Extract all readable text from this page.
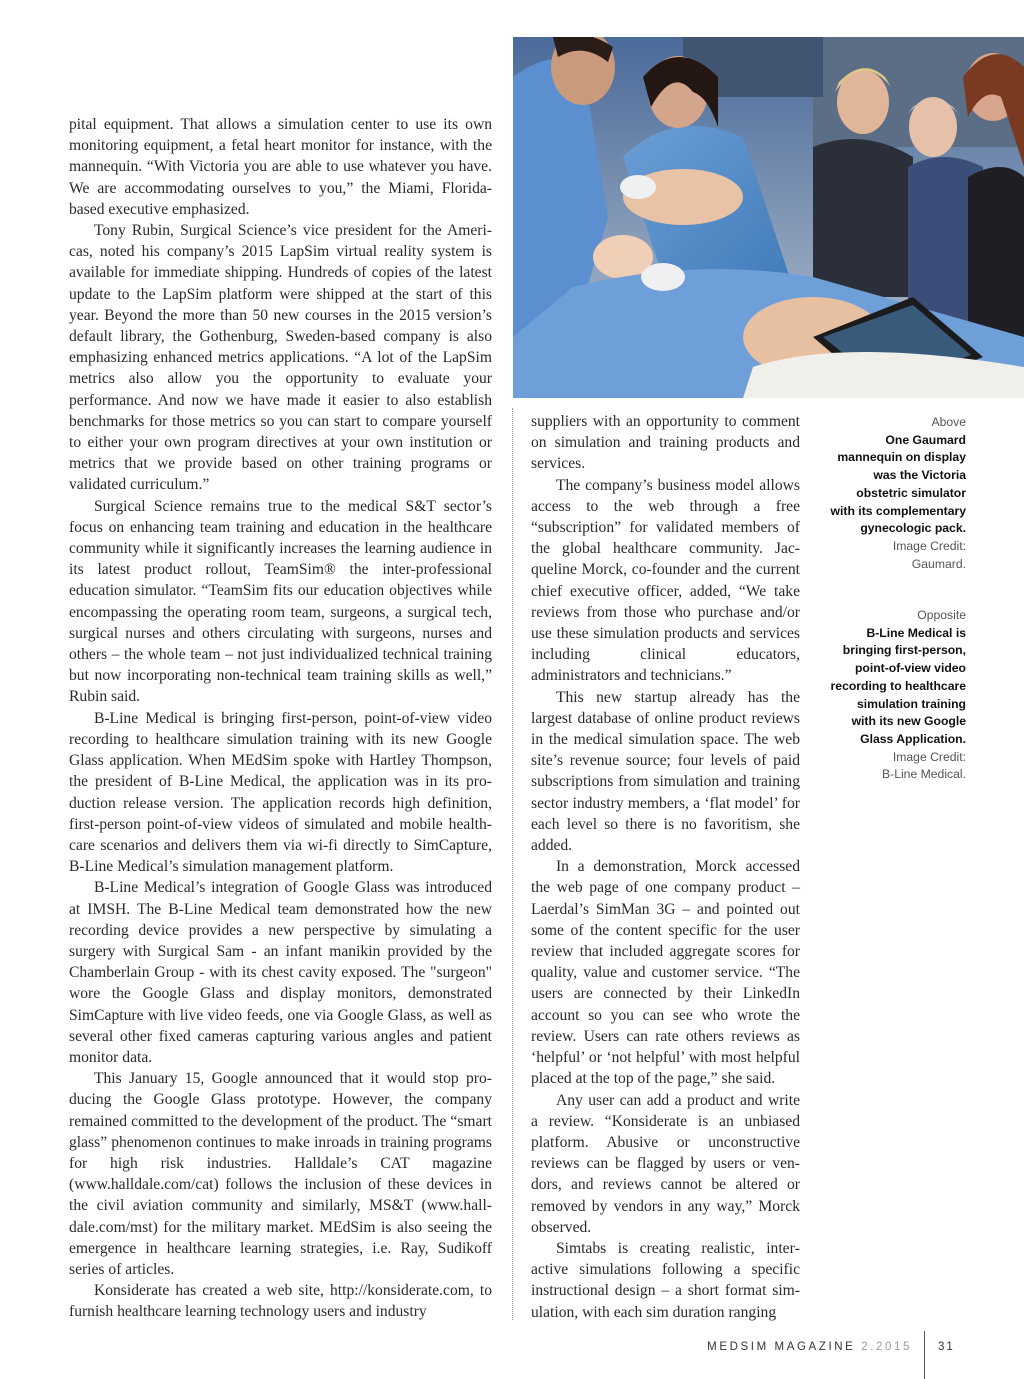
pital equipment. That allows a simulation center to use its own monitoring equipment, a fetal heart monitor for instance, with the mannequin. “With Victoria you are able to use whatever you have. We are accommodating ourselves to you,” the Miami, Florida-based executive emphasized.

Tony Rubin, Surgical Science’s vice president for the Americas, noted his company’s 2015 LapSim virtual reality system is available for immediate shipping. Hundreds of copies of the latest update to the LapSim platform were shipped at the start of this year. Beyond the more than 50 new courses in the 2015 version’s default library, the Gothenburg, Sweden-based company is also emphasizing enhanced metrics applications. “A lot of the LapSim metrics also allow you the opportunity to evaluate your performance. And now we have made it easier to also establish benchmarks for those metrics so you can start to compare yourself to either your own program directives at your own institution or metrics that we provide based on other training programs or validated curriculum.”

Surgical Science remains true to the medical S&T sector’s focus on enhancing team training and education in the healthcare community while it significantly increases the learning audience in its latest product rollout, TeamSim® the inter-professional education simulator. “TeamSim fits our education objectives while encompassing the operating room team, surgeons, a surgical tech, surgical nurses and others circulating with surgeons, nurses and others – the whole team – not just individualized technical training but now incorporating non-technical team training skills as well,” Rubin said.

B-Line Medical is bringing first-person, point-of-view video recording to healthcare simulation training with its new Google Glass application. When MEdSim spoke with Hartley Thompson, the president of B-Line Medical, the application was in its production release version. The application records high definition, first-person point-of-view videos of simulated and mobile healthcare scenarios and delivers them via wi-fi directly to SimCapture, B-Line Medical’s simulation management platform.

B-Line Medical’s integration of Google Glass was introduced at IMSH. The B-Line Medical team demonstrated how the new recording device provides a new perspective by simulating a surgery with Surgical Sam - an infant manikin provided by the Chamberlain Group - with its chest cavity exposed. The "surgeon" wore the Google Glass and display monitors, demonstrated SimCapture with live video feeds, one via Google Glass, as well as several other fixed cameras capturing various angles and patient monitor data.

This January 15, Google announced that it would stop producing the Google Glass prototype. However, the company remained committed to the development of the product. The “smart glass” phenomenon continues to make inroads in training programs for high risk industries. Halldale’s CAT magazine (www.halldale.com/cat) follows the inclusion of these devices in the civil aviation community and similarly, MS&T (www.halldale.com/mst) for the military market. MEdSim is also seeing the emergence in healthcare learning strategies, i.e. Ray, Sudikoff series of articles.

Konsiderate has created a web site, http://konsiderate.com, to furnish healthcare learning technology users and industry

suppliers with an opportunity to comment on simulation and training products and services.

The company’s business model allows access to the web through a free “subscription” for validated members of the global healthcare community. Jacqueline Morck, co-founder and the current chief executive officer, added, “We take reviews from those who purchase and/or use these simulation products and services including clinical educators, administrators and technicians.”

This new startup already has the largest database of online product reviews in the medical simulation space. The web site’s revenue source; four levels of paid subscriptions from simulation and training sector industry members, a ‘flat model’ for each level so there is no favoritism, she added.

In a demonstration, Morck accessed the web page of one company product – Laerdal’s SimMan 3G – and pointed out some of the content specific for the user review that included aggregate scores for quality, value and customer service. “The users are connected by their LinkedIn account so you can see who wrote the review. Users can rate others reviews as ‘helpful’ or ‘not helpful’ with most helpful placed at the top of the page,” she said.

Any user can add a product and write a review. “Konsiderate is an unbiased platform. Abusive or unconstructive reviews can be flagged by users or vendors, and reviews cannot be altered or removed by vendors in any way,” Morck observed.

Simtabs is creating realistic, interactive simulations following a specific instructional design – a short format simulation, with each sim duration ranging

Above
One Gaumard mannequin on display was the Victoria obstetric simulator with its complementary gynecologic pack.
Image Credit:
Gaumard.
Opposite
B-Line Medical is bringing first-person, point-of-view video recording to healthcare simulation training with its new Google Glass Application.
Image Credit:
B-Line Medical.
MEDSIM MAGAZINE 2.2015 31
